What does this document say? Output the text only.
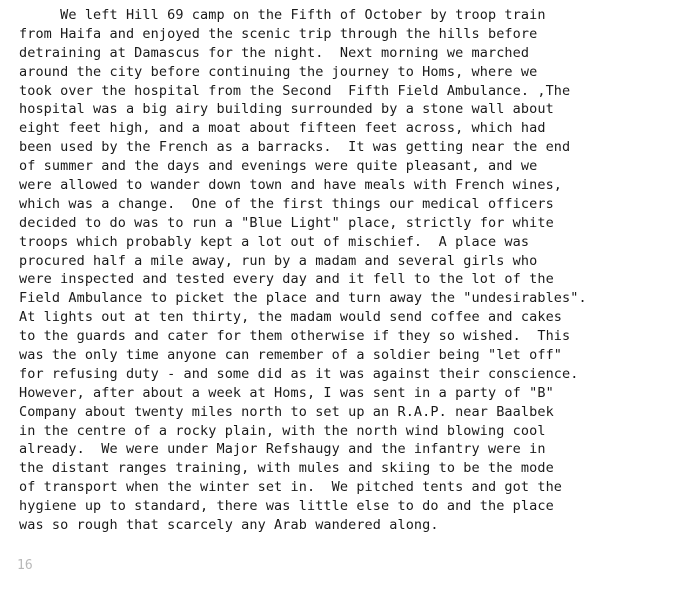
We left Hill 69 camp on the Fifth of October by troop train
from Haifa and enjoyed the scenic trip through the hills before
detraining at Damascus for the night.  Next morning we marched
around the city before continuing the journey to Homs, where we
took over the hospital from the Second  Fifth Field Ambulance. ,The
hospital was a big airy building surrounded by a stone wall about
eight feet high, and a moat about fifteen feet across, which had
been used by the French as a barracks.  It was getting near the end
of summer and the days and evenings were quite pleasant, and we
were allowed to wander down town and have meals with French wines,
which was a change.  One of the first things our medical officers
decided to do was to run a "Blue Light" place, strictly for white
troops which probably kept a lot out of mischief.  A place was
procured half a mile away, run by a madam and several girls who
were inspected and tested every day and it fell to the lot of the
Field Ambulance to picket the place and turn away the "undesirables".
At lights out at ten thirty, the madam would send coffee and cakes
to the guards and cater for them otherwise if they so wished.  This
was the only time anyone can remember of a soldier being "let off"
for refusing duty - and some did as it was against their conscience.
However, after about a week at Homs, I was sent in a party of "B"
Company about twenty miles north to set up an R.A.P. near Baalbek
in the centre of a rocky plain, with the north wind blowing cool
already.  We were under Major Refshaugy and the infantry were in
the distant ranges training, with mules and skiing to be the mode
of transport when the winter set in.  We pitched tents and got the
hygiene up to standard, there was little else to do and the place
was so rough that scarcely any Arab wandered along.
16
